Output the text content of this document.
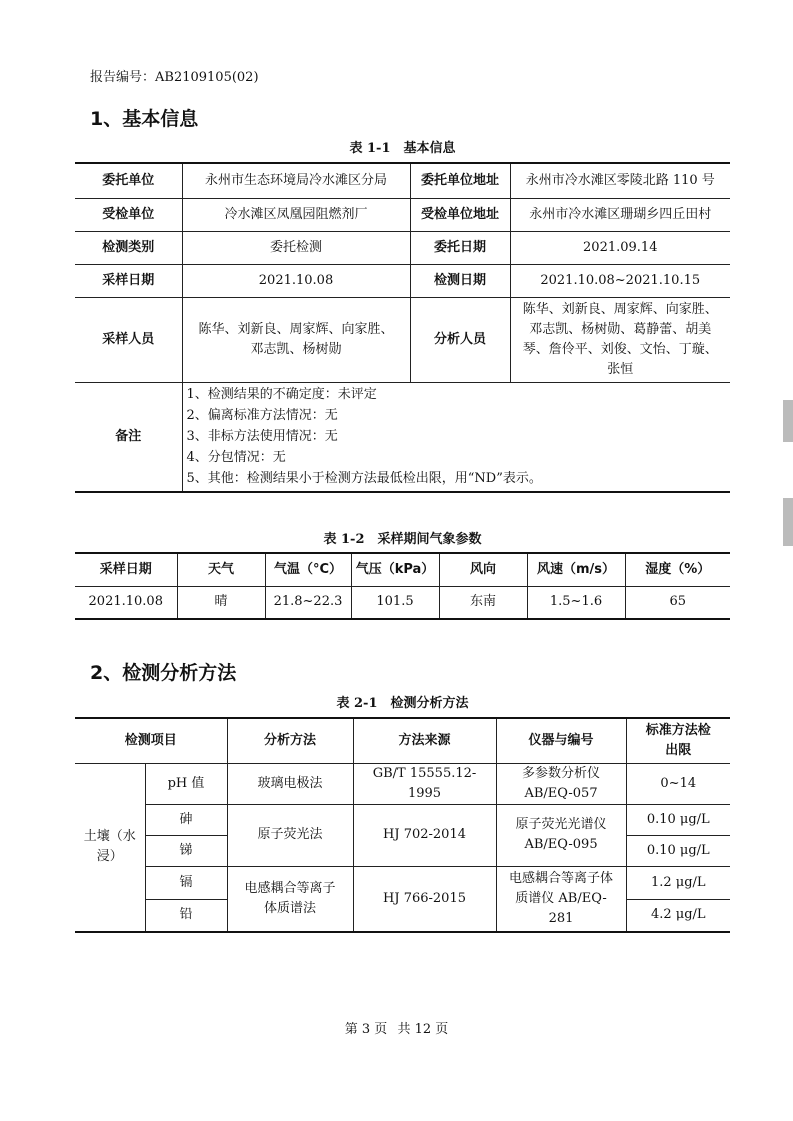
报告编号：AB2109105(02)
1、基本信息
表 1-1　基本信息
委托单位	永州市生态环境局冷水滩区分局	委托单位地址	永州市冷水滩区零陵北路 110 号
受检单位	冷水滩区凤凰园阻燃剂厂	受检单位地址	永州市冷水滩区珊瑚乡四丘田村
检测类别	委托检测	委托日期	2021.09.14
采样日期	2021.10.08	检测日期	2021.10.08~2021.10.15
采样人员	陈华、刘新良、周家辉、向家胜、邓志凯、杨树勋	分析人员	陈华、刘新良、周家辉、向家胜、邓志凯、杨树勋、葛静蕾、胡美琴、詹伶平、刘俊、文怡、丁璇、张恒
备注	1、检测结果的不确定度：未评定
2、偏离标准方法情况：无
3、非标方法使用情况：无
4、分包情况：无
5、其他：检测结果小于检测方法最低检出限，用“ND”表示。		
表 1-2　采样期间气象参数
采样日期	天气	气温（°C）	气压（kPa）	风向	风速（m/s）	湿度（%）
2021.10.08	晴	21.8~22.3	101.5	东南	1.5~1.6	65
2、检测分析方法
表 2-1　检测分析方法
检测项目		分析方法	方法来源	仪器与编号	标准方法检出限
土壤（水浸）	pH 值	玻璃电极法	GB/T 15555.12-1995	多参数分析仪 AB/EQ-057	0~14
	砷	原子荧光法	HJ 702-2014	原子荧光光谱仪 AB/EQ-095	0.10 μg/L
	锑				0.10 μg/L
	镉	电感耦合等离子体质谱法	HJ 766-2015	电感耦合等离子体质谱仪 AB/EQ-281	1.2 μg/L
	铅				4.2 μg/L
第 3 页 共 12 页
